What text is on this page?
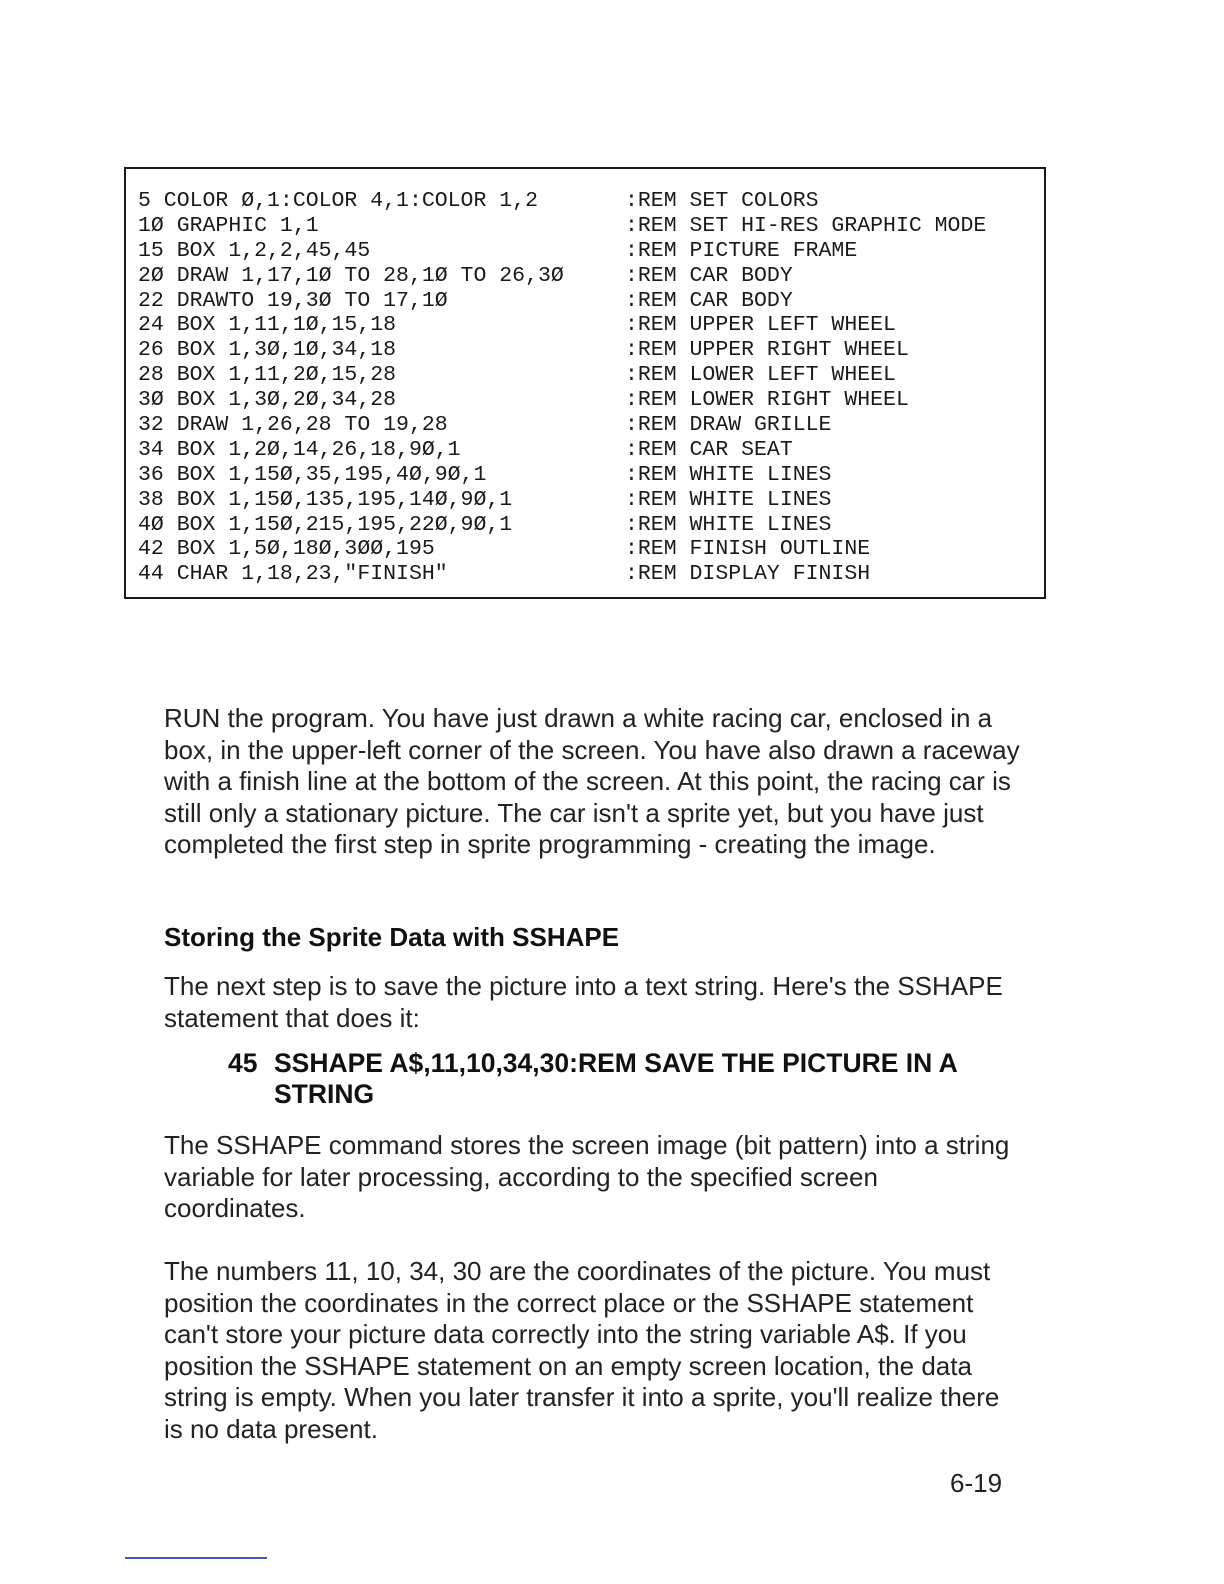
5 COLOR Ø,1:COLOR 4,1:COLOR 1,2	:REM SET COLORS
1Ø GRAPHIC 1,1	:REM SET HI-RES GRAPHIC MODE
15 BOX 1,2,2,45,45	:REM PICTURE FRAME
2Ø DRAW 1,17,1Ø TO 28,1Ø TO 26,3Ø	:REM CAR BODY
22 DRAWTO 19,3Ø TO 17,1Ø	:REM CAR BODY
24 BOX 1,11,1Ø,15,18	:REM UPPER LEFT WHEEL
26 BOX 1,3Ø,1Ø,34,18	:REM UPPER RIGHT WHEEL
28 BOX 1,11,2Ø,15,28	:REM LOWER LEFT WHEEL
3Ø BOX 1,3Ø,2Ø,34,28	:REM LOWER RIGHT WHEEL
32 DRAW 1,26,28 TO 19,28	:REM DRAW GRILLE
34 BOX 1,2Ø,14,26,18,9Ø,1	:REM CAR SEAT
36 BOX 1,15Ø,35,195,4Ø,9Ø,1	:REM WHITE LINES
38 BOX 1,15Ø,135,195,14Ø,9Ø,1	:REM WHITE LINES
4Ø BOX 1,15Ø,215,195,22Ø,9Ø,1	:REM WHITE LINES
42 BOX 1,5Ø,18Ø,3ØØ,195	:REM FINISH OUTLINE
44 CHAR 1,18,23,"FINISH"	:REM DISPLAY FINISH

RUN the program. You have just drawn a white racing car, enclosed in a box, in the upper-left corner of the screen. You have also drawn a raceway with a finish line at the bottom of the screen. At this point, the racing car is still only a stationary picture. The car isn't a sprite yet, but you have just completed the first step in sprite programming - creating the image.

Storing the Sprite Data with SSHAPE

The next step is to save the picture into a text string. Here's the SSHAPE statement that does it:

45 SSHAPE A$,11,10,34,30:REM SAVE THE PICTURE IN A STRING

The SSHAPE command stores the screen image (bit pattern) into a string variable for later processing, according to the specified screen coordinates.

The numbers 11, 10, 34, 30 are the coordinates of the picture. You must position the coordinates in the correct place or the SSHAPE statement can't store your picture data correctly into the string variable A$. If you position the SSHAPE statement on an empty screen location, the data string is empty. When you later transfer it into a sprite, you'll realize there is no data present.

6-19
